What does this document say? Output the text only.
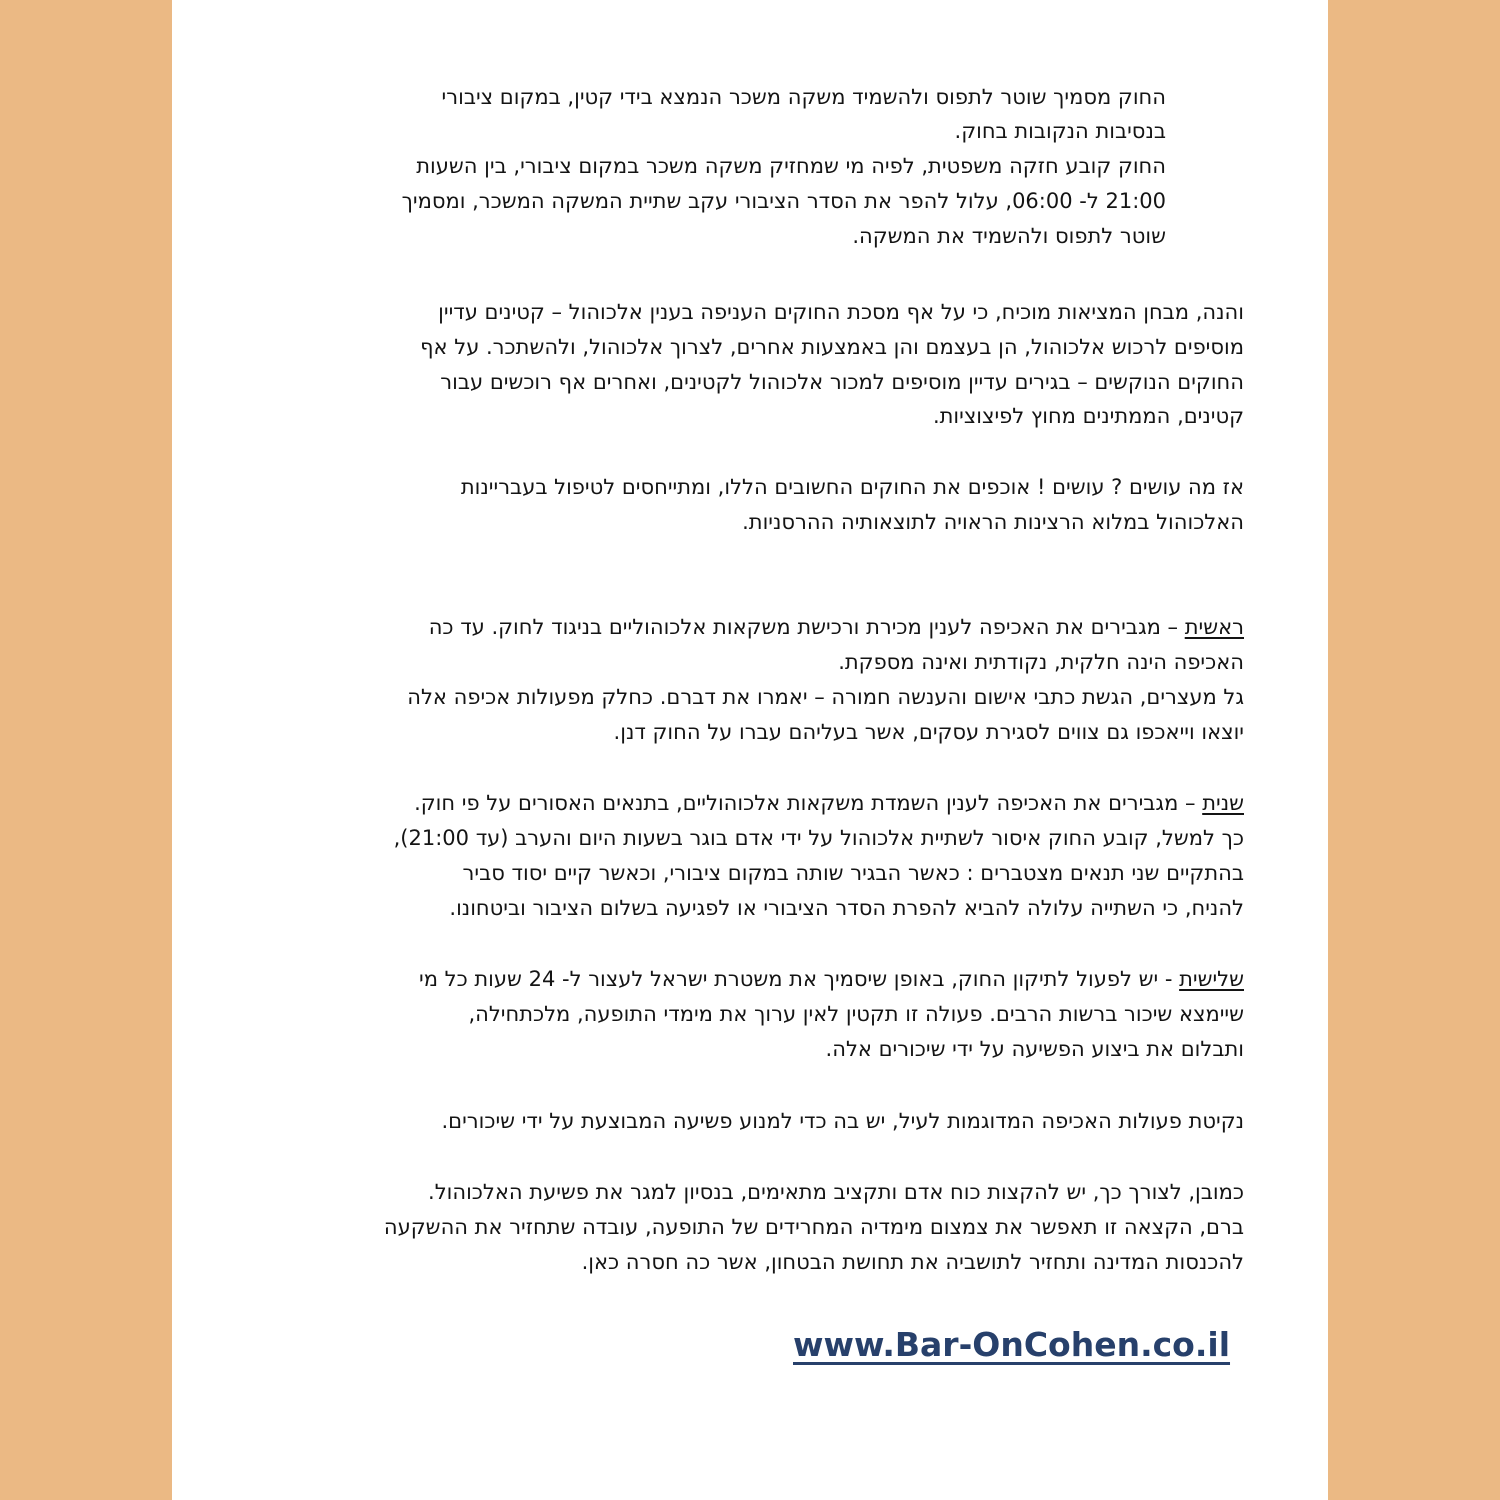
החוק מסמיך שוטר לתפוס ולהשמיד משקה משכר הנמצא בידי קטין, במקום ציבורי
בנסיבות הנקובות בחוק.
החוק קובע חזקה משפטית, לפיה מי שמחזיק משקה משכר במקום ציבורי, בין השעות
21:00 ל- 06:00, עלול להפר את הסדר הציבורי עקב שתיית המשקה המשכר, ומסמיך
שוטר לתפוס ולהשמיד את המשקה.
והנה, מבחן המציאות מוכיח, כי על אף מסכת החוקים העניפה בענין אלכוהול – קטינים עדיין
מוסיפים לרכוש אלכוהול, הן בעצמם והן באמצעות אחרים, לצרוך אלכוהול, ולהשתכר. על אף
החוקים הנוקשים – בגירים עדיין מוסיפים למכור אלכוהול לקטינים, ואחרים אף רוכשים עבור
קטינים, הממתינים מחוץ לפיצוציות.
אז מה עושים ? עושים ! אוכפים את החוקים החשובים הללו, ומתייחסים לטיפול בעבריינות
האלכוהול במלוא הרצינות הראויה לתוצאותיה ההרסניות.
ראשית – מגבירים את האכיפה לענין מכירת ורכישת משקאות אלכוהוליים בניגוד לחוק. עד כה
האכיפה הינה חלקית, נקודתית ואינה מספקת.
גל מעצרים, הגשת כתבי אישום והענשה חמורה – יאמרו את דברם. כחלק מפעולות אכיפה אלה
יוצאו וייאכפו גם צווים לסגירת עסקים, אשר בעליהם עברו על החוק דנן.
שנית – מגבירים את האכיפה לענין השמדת משקאות אלכוהוליים, בתנאים האסורים על פי חוק.
כך למשל, קובע החוק איסור לשתיית אלכוהול על ידי אדם בוגר בשעות היום והערב (עד 21:00),
בהתקיים שני תנאים מצטברים : כאשר הבגיר שותה במקום ציבורי, וכאשר קיים יסוד סביר
להניח, כי השתייה עלולה להביא להפרת הסדר הציבורי או לפגיעה בשלום הציבור וביטחונו.
שלישית - יש לפעול לתיקון החוק, באופן שיסמיך את משטרת ישראל לעצור ל- 24 שעות כל מי
שיימצא שיכור ברשות הרבים. פעולה זו תקטין לאין ערוך את מימדי התופעה, מלכתחילה,
ותבלום את ביצוע הפשיעה על ידי שיכורים אלה.
נקיטת פעולות האכיפה המדוגמות לעיל, יש בה כדי למנוע פשיעה המבוצעת על ידי שיכורים.
כמובן, לצורך כך, יש להקצות כוח אדם ותקציב מתאימים, בנסיון למגר את פשיעת האלכוהול.
ברם, הקצאה זו תאפשר את צמצום מימדיה המחרידים של התופעה, עובדה שתחזיר את ההשקעה
להכנסות המדינה ותחזיר לתושביה את תחושת הבטחון, אשר כה חסרה כאן.
www.Bar-OnCohen.co.il
